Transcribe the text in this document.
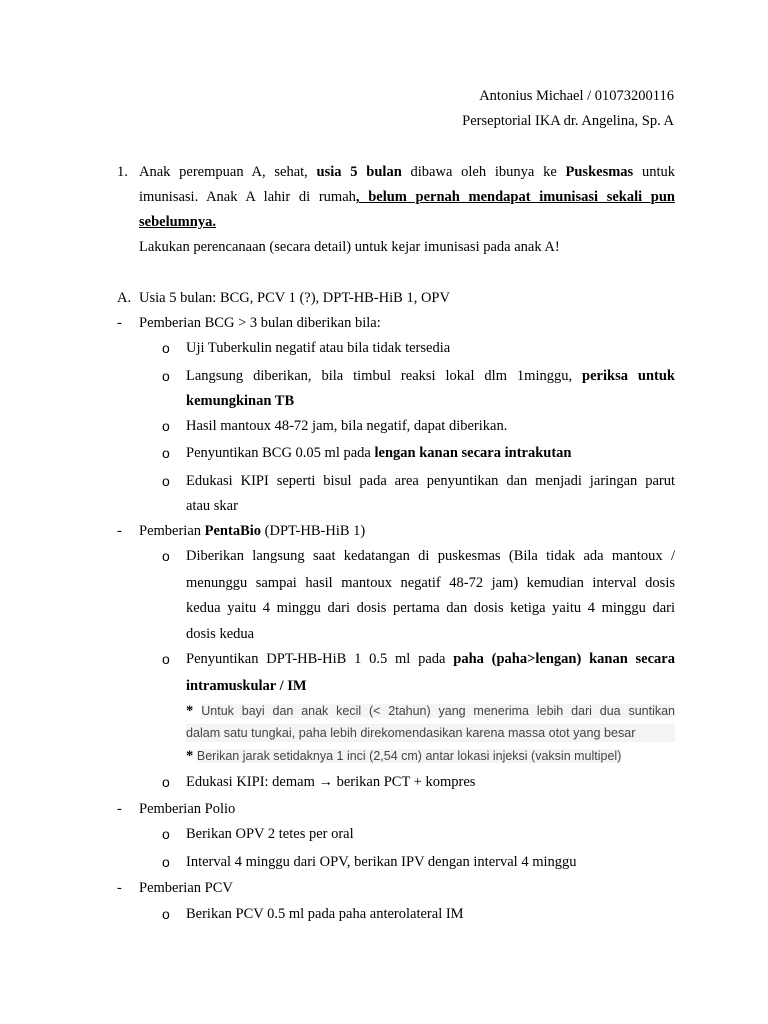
Antonius Michael / 01073200116
Perseptorial IKA dr. Angelina, Sp. A
1. Anak perempuan A, sehat, usia 5 bulan dibawa oleh ibunya ke Puskesmas untuk
imunisasi. Anak A lahir di rumah, belum pernah mendapat imunisasi sekali pun
sebelumnya.
Lakukan perencanaan (secara detail) untuk kejar imunisasi pada anak A!
A. Usia 5 bulan: BCG, PCV 1 (?), DPT-HB-HiB 1, OPV
- Pemberian BCG > 3 bulan diberikan bila:
o Uji Tuberkulin negatif atau bila tidak tersedia
o Langsung diberikan, bila timbul reaksi lokal dlm 1minggu, periksa untuk
kemungkinan TB
o Hasil mantoux 48-72 jam, bila negatif, dapat diberikan.
o Penyuntikan BCG 0.05 ml pada lengan kanan secara intrakutan
o Edukasi KIPI seperti bisul pada area penyuntikan dan menjadi jaringan parut
atau skar
- Pemberian PentaBio (DPT-HB-HiB 1)
o Diberikan langsung saat kedatangan di puskesmas (Bila tidak ada mantoux /
menunggu sampai hasil mantoux negatif 48-72 jam) kemudian interval dosis
kedua yaitu 4 minggu dari dosis pertama dan dosis ketiga yaitu 4 minggu dari
dosis kedua
o Penyuntikan DPT-HB-HiB 1 0.5 ml pada paha (paha>lengan) kanan secara
intramuskular / IM
* Untuk bayi dan anak kecil (< 2tahun) yang menerima lebih dari dua suntikan
dalam satu tungkai, paha lebih direkomendasikan karena massa otot yang besar
* Berikan jarak setidaknya 1 inci (2,54 cm) antar lokasi injeksi (vaksin multipel)
o Edukasi KIPI: demam → berikan PCT + kompres
- Pemberian Polio
o Berikan OPV 2 tetes per oral
o Interval 4 minggu dari OPV, berikan IPV dengan interval 4 minggu
- Pemberian PCV
o Berikan PCV 0.5 ml pada paha anterolateral IM
